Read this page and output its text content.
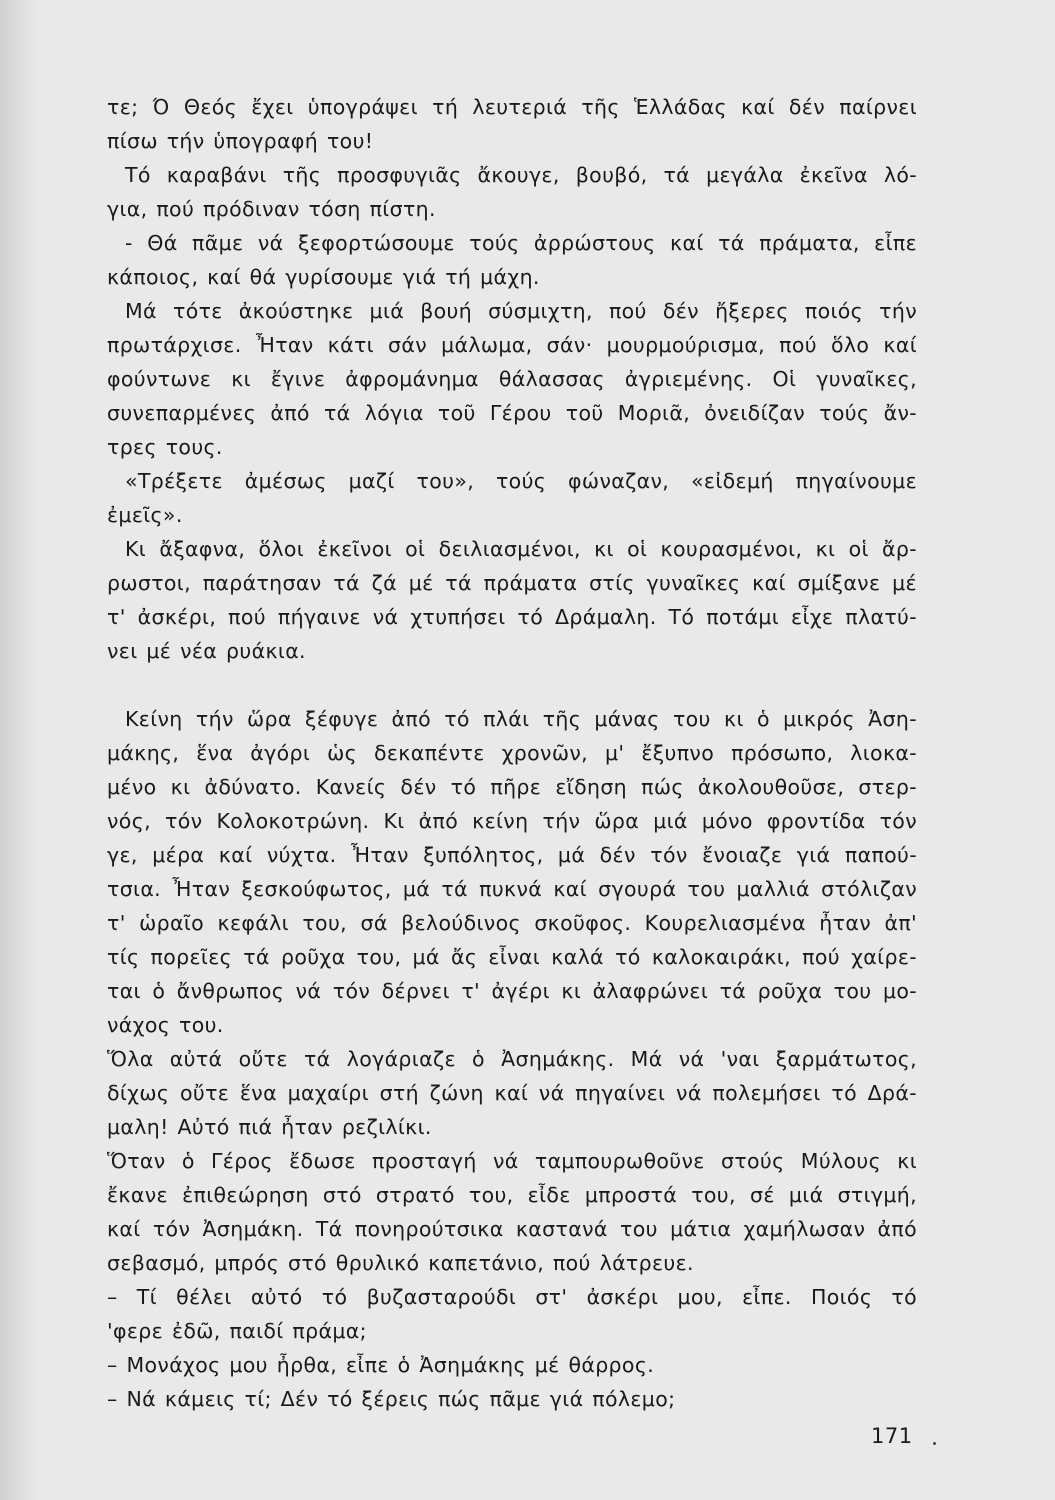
τε; Ό Θεός ἔχει ὑπογράψει τή λευτεριά τῆς Ἑλλάδας καί δέν παίρνει
πίσω τήν ὑπογραφή του!
Τό καραβάνι τῆς προσφυγιᾶς ἄκουγε, βουβό, τά μεγάλα ἐκεῖνα λό-
για, πού πρόδιναν τόση πίστη.
- Θά πᾶμε νά ξεφορτώσουμε τούς ἀρρώστους καί τά πράματα, εἶπε
κάποιος, καί θά γυρίσουμε γιά τή μάχη.
Μά τότε ἀκούστηκε μιά βουή σύσμιχτη, πού δέν ἤξερες ποιός τήν
πρωτάρχισε. Ἦταν κάτι σάν μάλωμα, σάν· μουρμούρισμα, πού ὅλο καί
φούντωνε κι ἔγινε ἀφρομάνημα θάλασσας ἀγριεμένης. Οἱ γυναῖκες,
συνεπαρμένες ἀπό τά λόγια τοῦ Γέρου τοῦ Μοριᾶ, ὀνειδίζαν τούς ἄν-
τρες τους.
«Τρέξετε ἀμέσως μαζί του», τούς φώναζαν, «εἰδεμή πηγαίνουμε
ἐμεῖς».
Κι ἄξαφνα, ὅλοι ἐκεῖνοι οἱ δειλιασμένοι, κι οἱ κουρασμένοι, κι οἱ ἄρ-
ρωστοι, παράτησαν τά ζά μέ τά πράματα στίς γυναῖκες καί σμίξανε μέ
τ' ἀσκέρι, πού πήγαινε νά χτυπήσει τό Δράμαλη. Τό ποτάμι εἶχε πλατύ-
νει μέ νέα ρυάκια.
Κείνη τήν ὥρα ξέφυγε ἀπό τό πλάι τῆς μάνας του κι ὁ μικρός Ἀση-
μάκης, ἕνα ἀγόρι ὡς δεκαπέντε χρονῶν, μ' ἔξυπνο πρόσωπο, λιοκα-
μένο κι ἀδύνατο. Κανείς δέν τό πῆρε εἴδηση πώς ἀκολουθοῦσε, στερ-
νός, τόν Κολοκοτρώνη. Κι ἀπό κείνη τήν ὥρα μιά μόνο φροντίδα τόν
γε, μέρα καί νύχτα. Ἦταν ξυπόλητος, μά δέν τόν ἔνοιαζε γιά παπού-
τσια. Ἦταν ξεσκούφωτος, μά τά πυκνά καί σγουρά του μαλλιά στόλιζαν
τ' ὡραῖο κεφάλι του, σά βελούδινος σκοῦφος. Κουρελιασμένα ἦταν ἀπ'
τίς πορεῖες τά ροῦχα του, μά ἄς εἶναι καλά τό καλοκαιράκι, πού χαίρε-
ται ὁ ἄνθρωπος νά τόν δέρνει τ' ἀγέρι κι ἀλαφρώνει τά ροῦχα του μο-
νάχος του.
Ὅλα αὐτά οὔτε τά λογάριαζε ὁ Ἀσημάκης. Μά νά 'ναι ξαρμάτωτος,
δίχως οὔτε ἕνα μαχαίρι στή ζώνη καί νά πηγαίνει νά πολεμήσει τό Δρά-
μαλη! Αὐτό πιά ἦταν ρεζιλίκι.
Ὅταν ὁ Γέρος ἔδωσε προσταγή νά ταμπουρωθοῦνε στούς Μύλους κι
ἔκανε ἐπιθεώρηση στό στρατό του, εἶδε μπροστά του, σέ μιά στιγμή,
καί τόν Ἀσημάκη. Τά πονηρούτσικα καστανά του μάτια χαμήλωσαν ἀπό
σεβασμό, μπρός στό θρυλικό καπετάνιο, πού λάτρευε.
– Τί θέλει αὐτό τό βυζασταρούδι στ' ἀσκέρι μου, εἶπε. Ποιός τό
'φερε ἐδῶ, παιδί πράμα;
– Μονάχος μου ἦρθα, εἶπε ὁ Ἀσημάκης μέ θάρρος.
– Νά κάμεις τί; Δέν τό ξέρεις πώς πᾶμε γιά πόλεμο;
171
